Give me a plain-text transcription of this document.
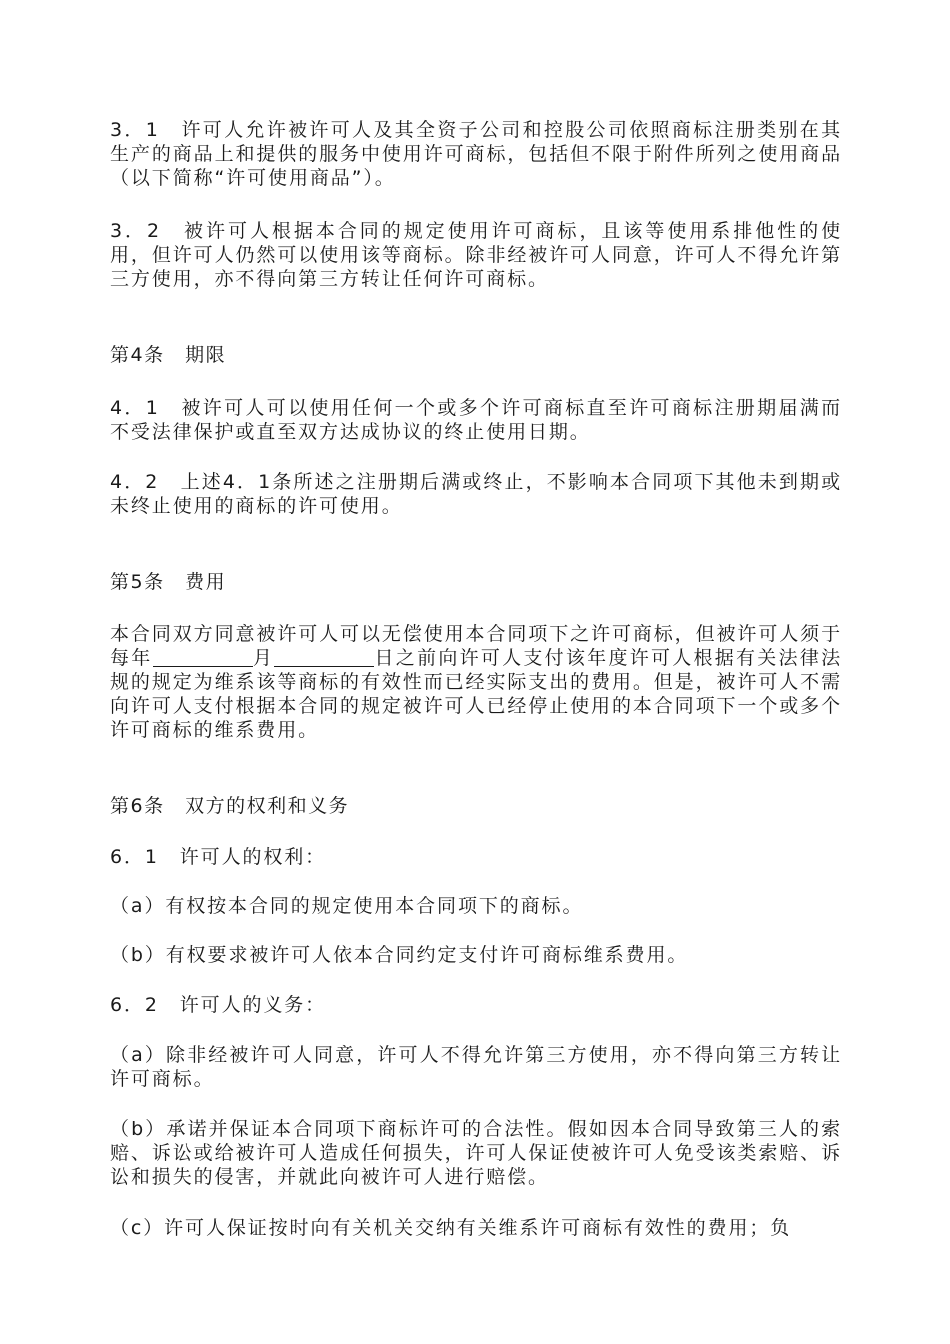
3．1　许可人允许被许可人及其全资子公司和控股公司依照商标注册类别在其生产的商品上和提供的服务中使用许可商标，包括但不限于附件所列之使用商品（以下简称“许可使用商品”）。
3．2　被许可人根据本合同的规定使用许可商标，且该等使用系排他性的使用，但许可人仍然可以使用该等商标。除非经被许可人同意，许可人不得允许第三方使用，亦不得向第三方转让任何许可商标。
第4条　期限
4．1　被许可人可以使用任何一个或多个许可商标直至许可商标注册期届满而不受法律保护或直至双方达成协议的终止使用日期。
4．2　上述4．1条所述之注册期后满或终止，不影响本合同项下其他未到期或未终止使用的商标的许可使用。
第5条　费用
本合同双方同意被许可人可以无偿使用本合同项下之许可商标，但被许可人须于每年	月	日之前向许可人支付该年度许可人根据有关法律法规的规定为维系该等商标的有效性而已经实际支出的费用。但是，被许可人不需向许可人支付根据本合同的规定被许可人已经停止使用的本合同项下一个或多个许可商标的维系费用。
第6条　双方的权利和义务
6．1　许可人的权利：
（a）有权按本合同的规定使用本合同项下的商标。
（b）有权要求被许可人依本合同约定支付许可商标维系费用。
6．2　许可人的义务：
（a）除非经被许可人同意，许可人不得允许第三方使用，亦不得向第三方转让许可商标。
（b）承诺并保证本合同项下商标许可的合法性。假如因本合同导致第三人的索赔、诉讼或给被许可人造成任何损失，许可人保证使被许可人免受该类索赔、诉讼和损失的侵害，并就此向被许可人进行赔偿。
（c）许可人保证按时向有关机关交纳有关维系许可商标有效性的费用；负
